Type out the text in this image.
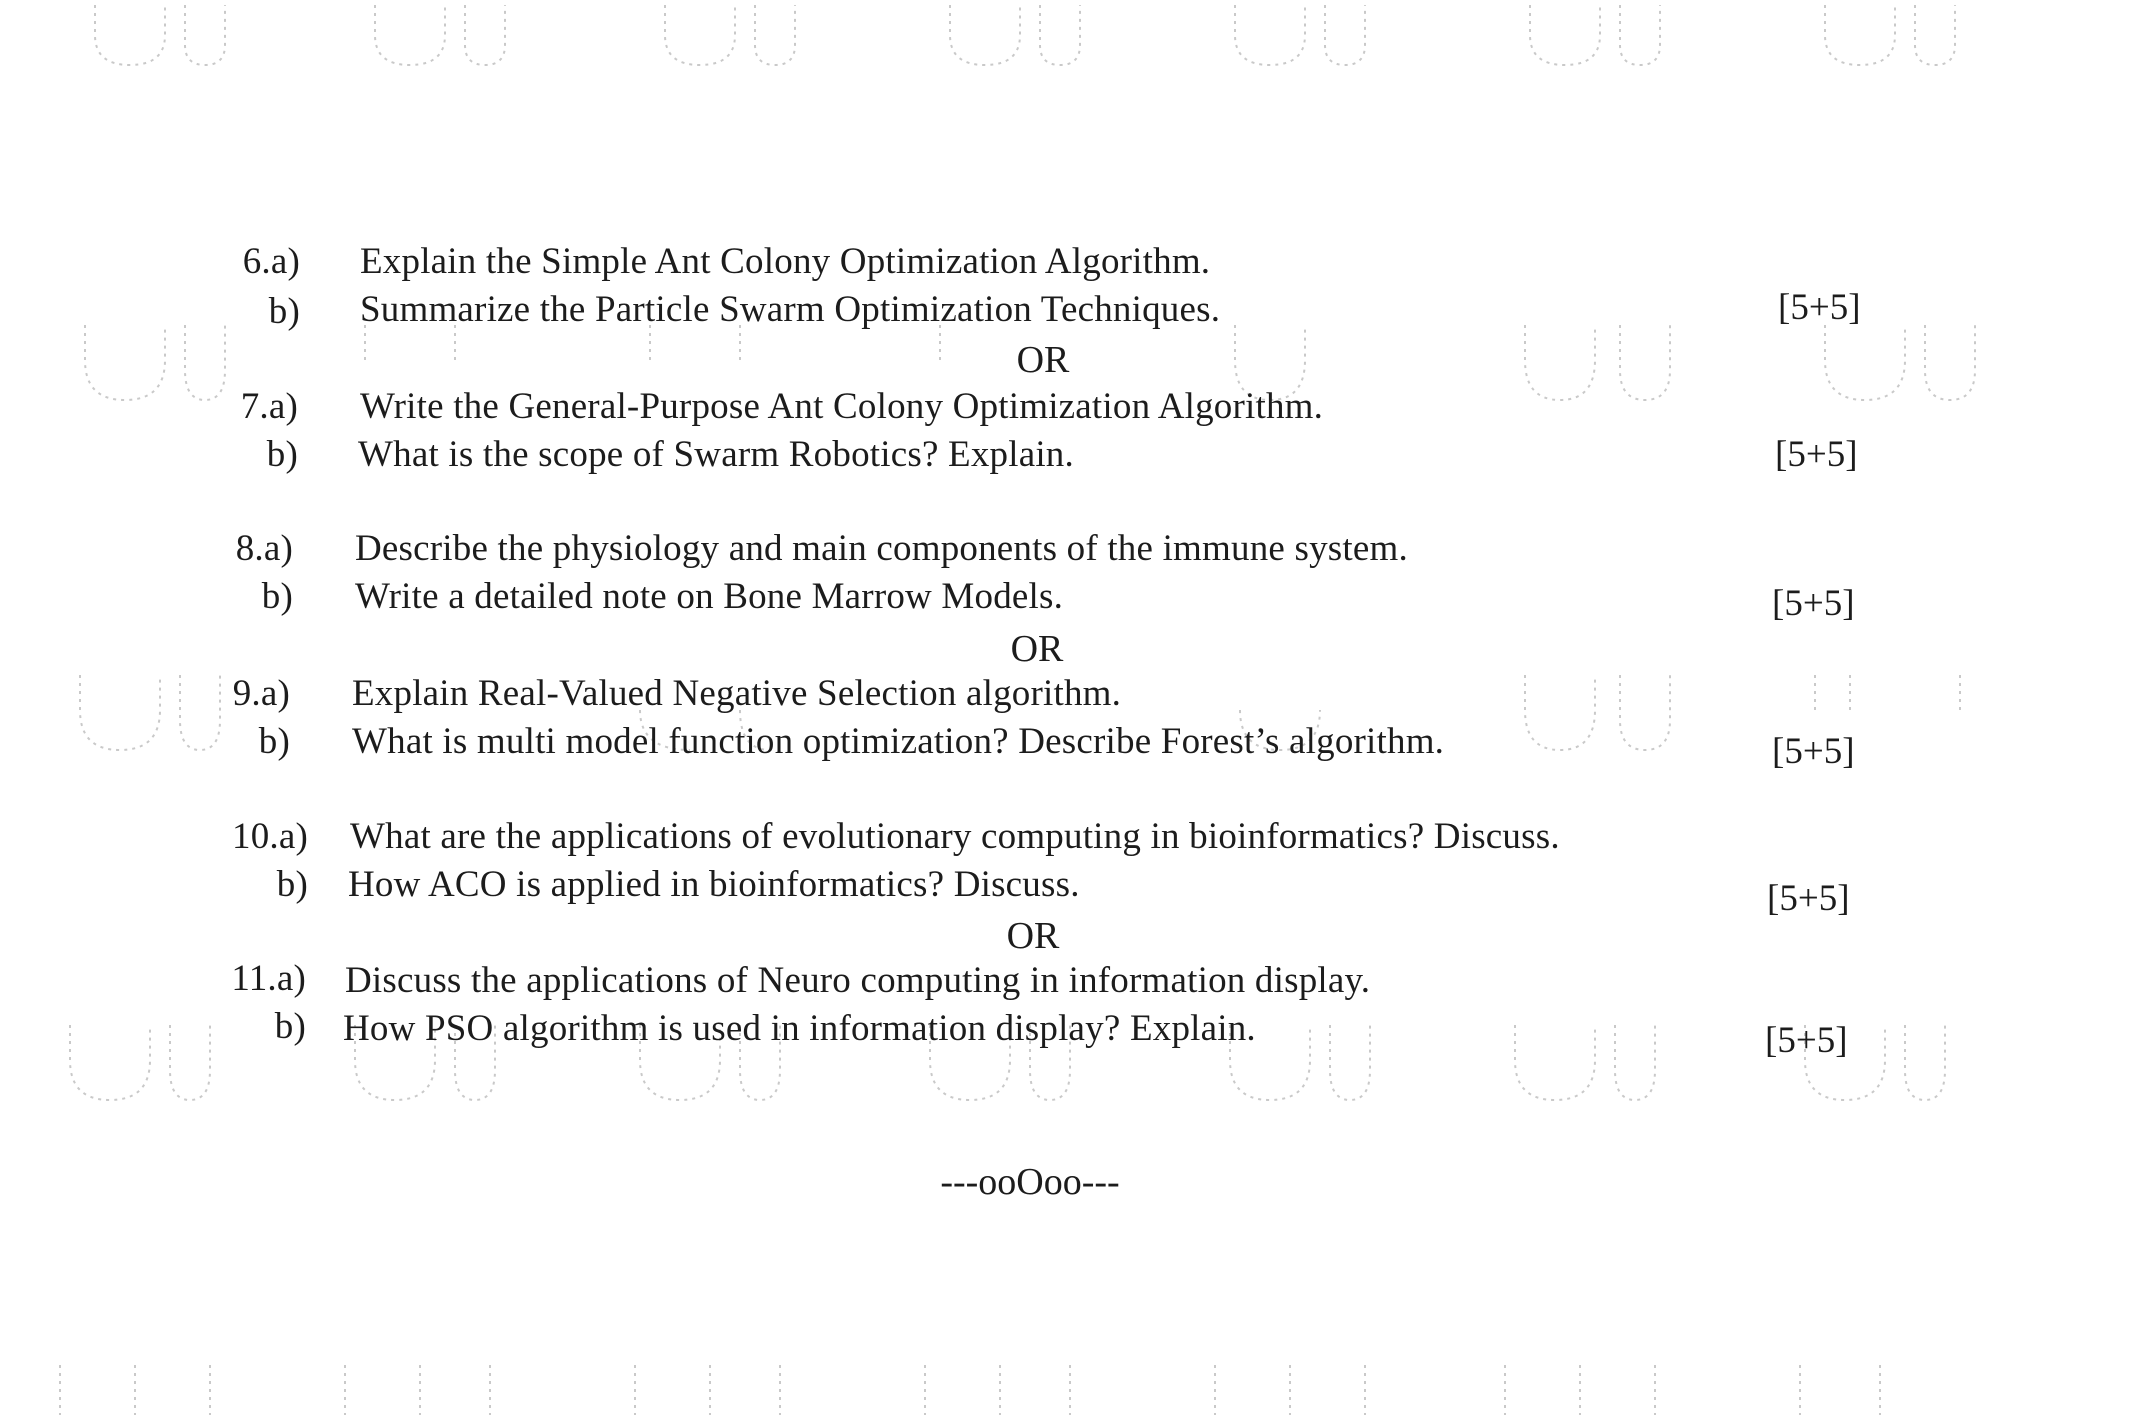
6.a) Explain the Simple Ant Colony Optimization Algorithm.
b) Summarize the Particle Swarm Optimization Techniques.	[5+5]
OR
7.a) Write the General-Purpose Ant Colony Optimization Algorithm.
b) What is the scope of Swarm Robotics? Explain.	[5+5]
8.a) Describe the physiology and main components of the immune system.
b) Write a detailed note on Bone Marrow Models.	[5+5]
OR
9.a) Explain Real-Valued Negative Selection algorithm.
b) What is multi model function optimization? Describe Forest’s algorithm.	[5+5]
10.a) What are the applications of evolutionary computing in bioinformatics? Discuss.
b) How ACO is applied in bioinformatics? Discuss.	[5+5]
OR
11.a) Discuss the applications of Neuro computing in information display.
b) How PSO algorithm is used in information display? Explain.	[5+5]
---ooOoo---
